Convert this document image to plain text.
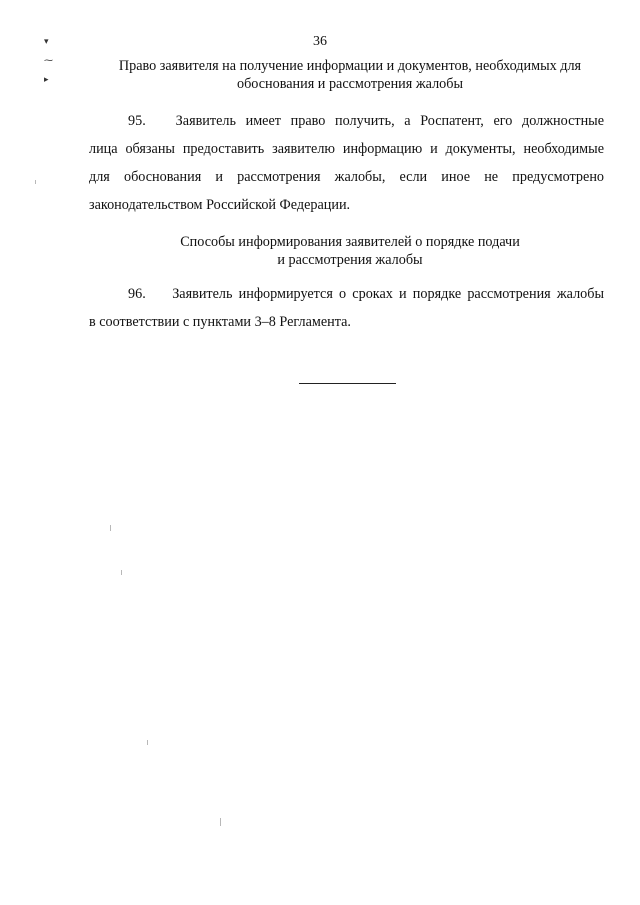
▾
⁓
▸
36
Право заявителя на получение информации и документов, необходимых для
обоснования и рассмотрения жалобы
95. Заявитель имеет право получить, а Роспатент, его должностные
лица обязаны предоставить заявителю информацию и документы, необходимые
для обоснования и рассмотрения жалобы, если иное не предусмотрено
законодательством Российской Федерации.
Способы информирования заявителей о порядке подачи
и рассмотрения жалобы
96. Заявитель информируется о сроках и порядке рассмотрения жалобы
в соответствии с пунктами 3–8 Регламента.
